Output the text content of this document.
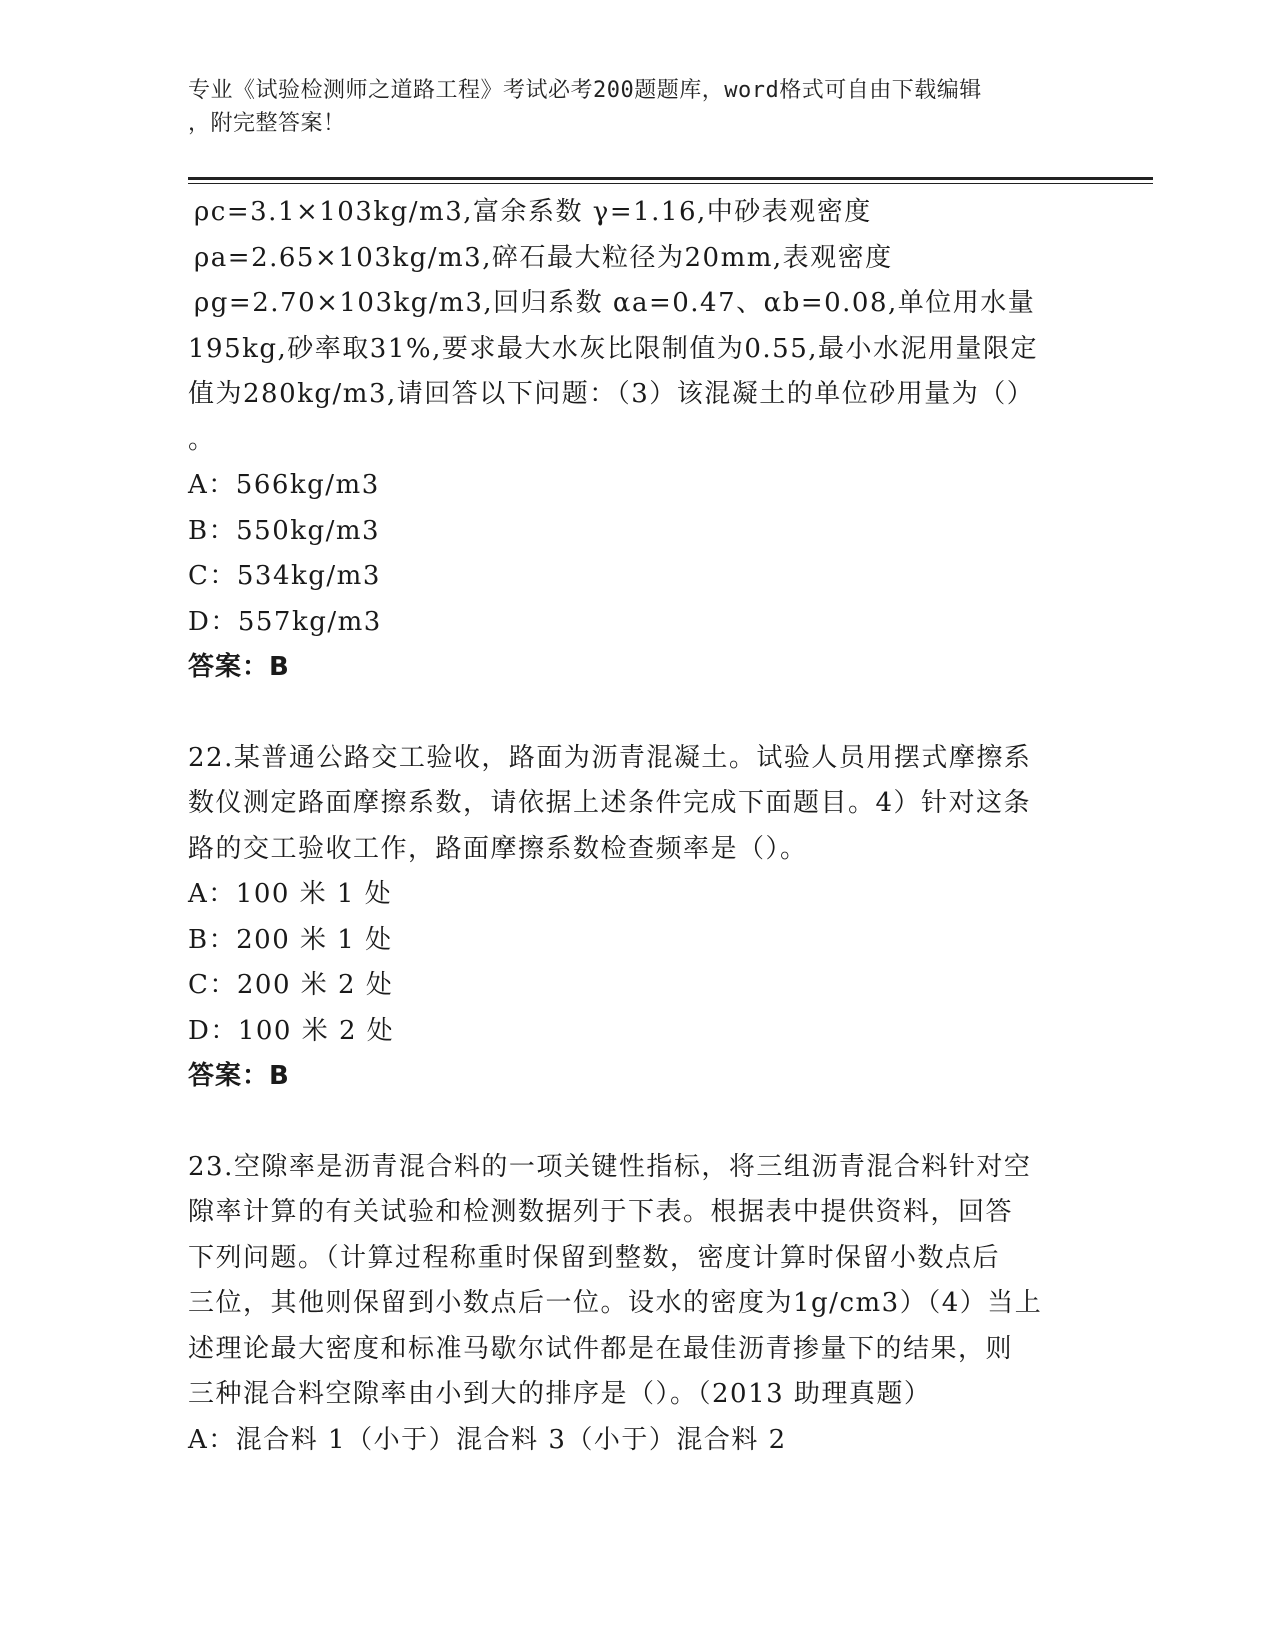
专业《试验检测师之道路工程》考试必考200题题库，word格式可自由下载编辑
，附完整答案！
ρc=3.1×103kg/m3,富余系数 γ=1.16,中砂表观密度
ρa=2.65×103kg/m3,碎石最大粒径为20mm,表观密度
ρg=2.70×103kg/m3,回归系数 αa=0.47、αb=0.08,单位用水量
195kg,砂率取31%,要求最大水灰比限制值为0.55,最小水泥用量限定
值为280kg/m3,请回答以下问题：（3）该混凝土的单位砂用量为（）
。
A：566kg/m3
B：550kg/m3
C：534kg/m3
D：557kg/m3
答案：B
22.某普通公路交工验收，路面为沥青混凝土。试验人员用摆式摩擦系
数仪测定路面摩擦系数，请依据上述条件完成下面题目。4）针对这条
路的交工验收工作，路面摩擦系数检查频率是（）。
A：100 米 1 处
B：200 米 1 处
C：200 米 2 处
D：100 米 2 处
答案：B
23.空隙率是沥青混合料的一项关键性指标，将三组沥青混合料针对空
隙率计算的有关试验和检测数据列于下表。根据表中提供资料，回答
下列问题。（计算过程称重时保留到整数，密度计算时保留小数点后
三位，其他则保留到小数点后一位。设水的密度为1g/cm3）（4）当上
述理论最大密度和标准马歇尔试件都是在最佳沥青掺量下的结果，则
三种混合料空隙率由小到大的排序是（）。（2013 助理真题）
A：混合料 1（小于）混合料 3（小于）混合料 2
